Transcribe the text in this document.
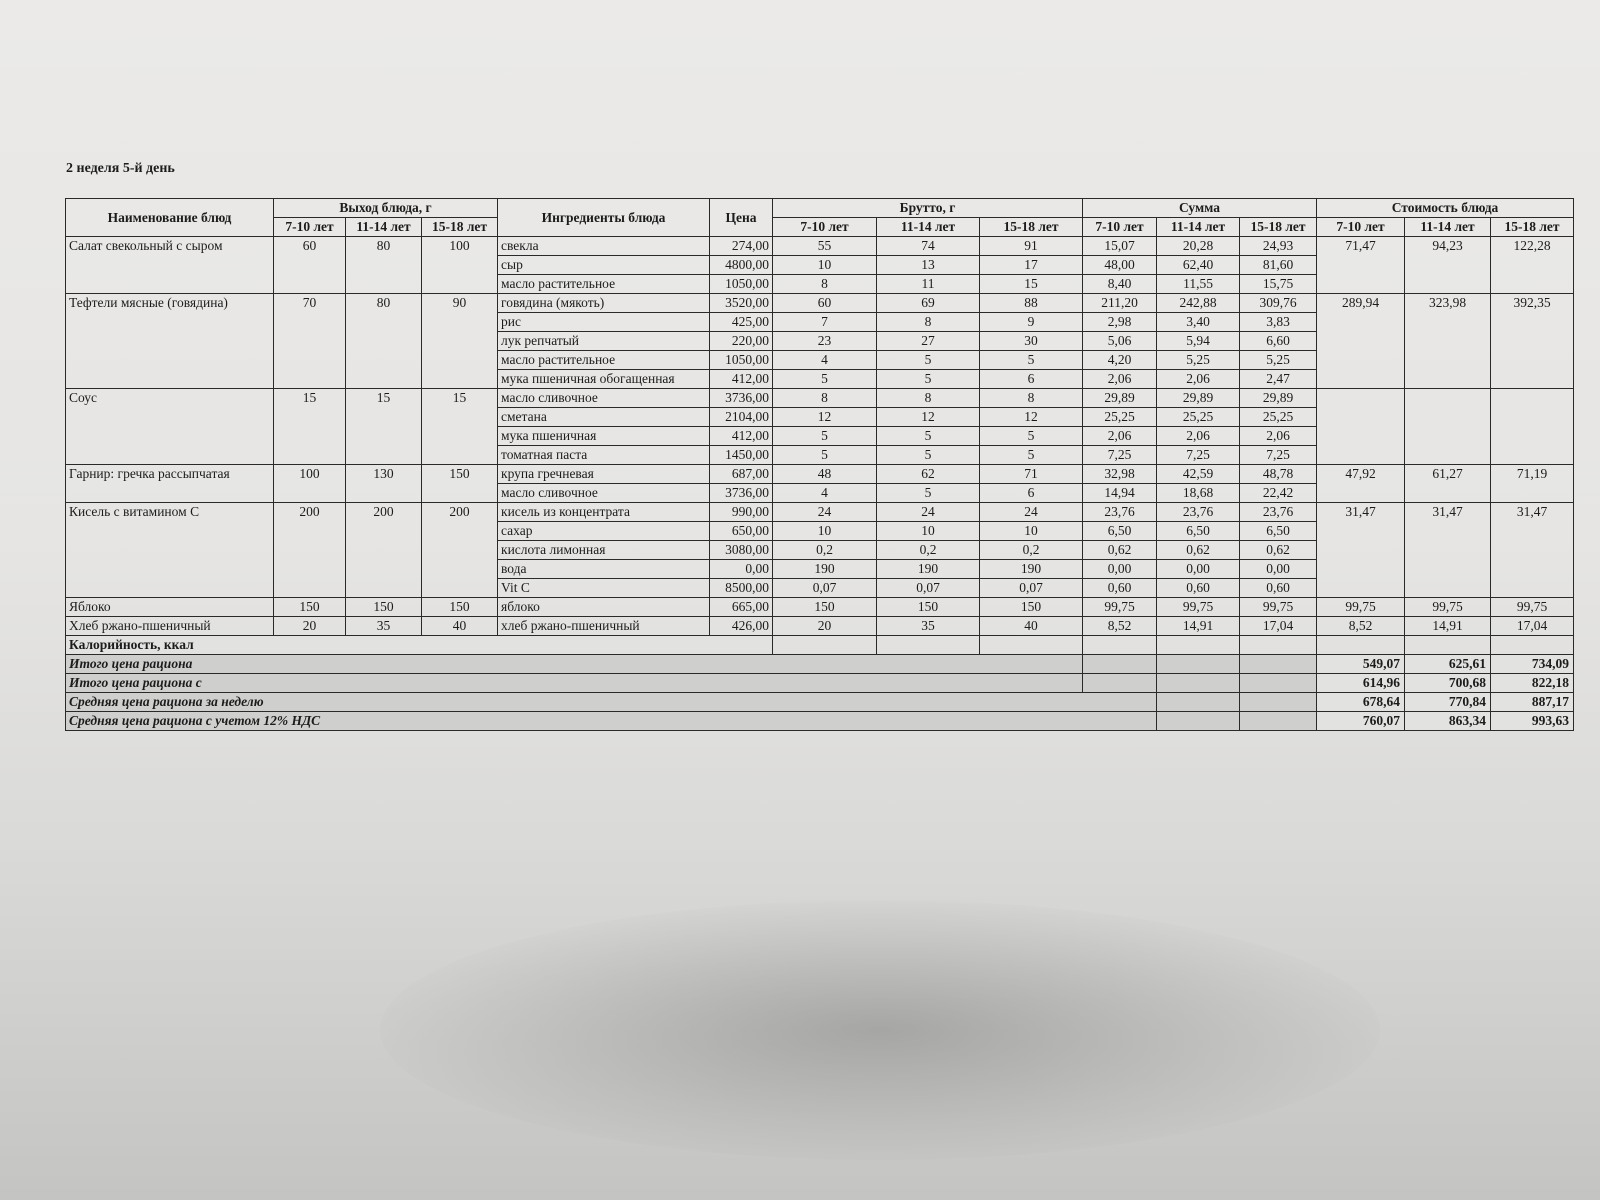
2 неделя 5-й день
Наименование блюд	Выход блюда, г			Ингредиенты блюда	Цена	Брутто, г			Сумма			Стоимость блюда		
	7-10 лет	11-14 лет	15-18 лет			7-10 лет	11-14 лет	15-18 лет	7-10 лет	11-14 лет	15-18 лет	7-10 лет	11-14 лет	15-18 лет
Салат свекольный с сыром	60	80	100	свекла	274,00	55	74	91	15,07	20,28	24,93	71,47	94,23	122,28
				сыр	4800,00	10	13	17	48,00	62,40	81,60			
				масло растительное	1050,00	8	11	15	8,40	11,55	15,75			
Тефтели мясные (говядина)	70	80	90	говядина (мякоть)	3520,00	60	69	88	211,20	242,88	309,76	289,94	323,98	392,35
				рис	425,00	7	8	9	2,98	3,40	3,83			
				лук репчатый	220,00	23	27	30	5,06	5,94	6,60			
				масло растительное	1050,00	4	5	5	4,20	5,25	5,25			
				мука пшеничная обогащенная	412,00	5	5	6	2,06	2,06	2,47			
Соус	15	15	15	масло сливочное	3736,00	8	8	8	29,89	29,89	29,89			
				сметана	2104,00	12	12	12	25,25	25,25	25,25			
				мука пшеничная	412,00	5	5	5	2,06	2,06	2,06			
				томатная паста	1450,00	5	5	5	7,25	7,25	7,25			
Гарнир: гречка рассыпчатая	100	130	150	крупа гречневая	687,00	48	62	71	32,98	42,59	48,78	47,92	61,27	71,19
				масло сливочное	3736,00	4	5	6	14,94	18,68	22,42			
Кисель с витамином С	200	200	200	кисель из концентрата	990,00	24	24	24	23,76	23,76	23,76	31,47	31,47	31,47
				сахар	650,00	10	10	10	6,50	6,50	6,50			
				кислота лимонная	3080,00	0,2	0,2	0,2	0,62	0,62	0,62			
				вода	0,00	190	190	190	0,00	0,00	0,00			
				Vit C	8500,00	0,07	0,07	0,07	0,60	0,60	0,60			
Яблоко	150	150	150	яблоко	665,00	150	150	150	99,75	99,75	99,75	99,75	99,75	99,75
Хлеб ржано-пшеничный	20	35	40	хлеб ржано-пшеничный	426,00	20	35	40	8,52	14,91	17,04	8,52	14,91	17,04
Калорийность, ккал														
Итого цена рациона												549,07	625,61	734,09
Итого цена рациона с												614,96	700,68	822,18
Средняя цена рациона за неделю												678,64	770,84	887,17
Средняя цена рациона с учетом 12% НДС												760,07	863,34	993,63
